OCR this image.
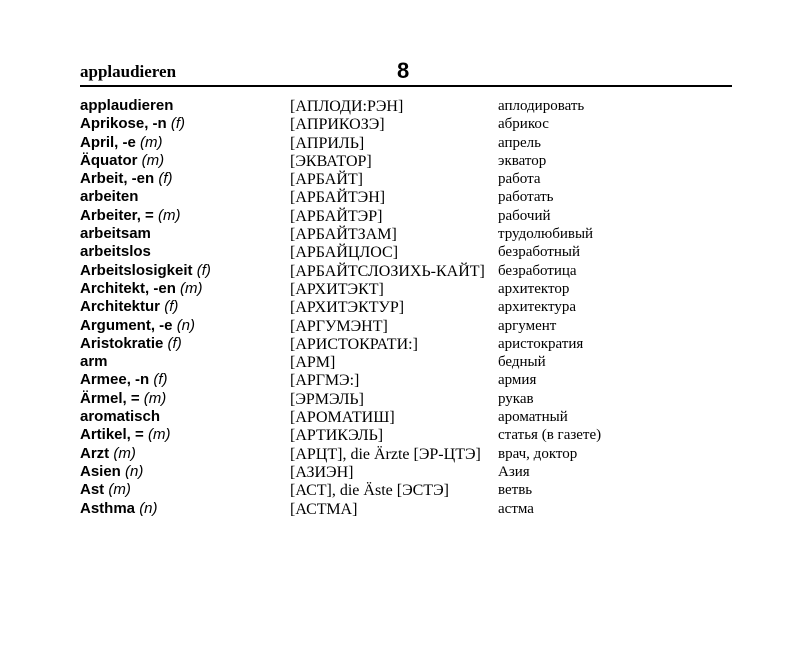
applaudieren	8
applaudieren	[АПЛОДИ:РЭН]	аплодировать
Aprikose, -n (f)	[АПРИКОЗЭ]	абрикос
April, -e (m)	[АПРИЛЬ]	апрель
Äquator (m)	[ЭКВАТОР]	экватор
Arbeit, -en (f)	[АРБАЙТ]	работа
arbeiten	[АРБАЙТЭН]	работать
Arbeiter, = (m)	[АРБАЙТЭР]	рабочий
arbeitsam	[АРБАЙТЗАМ]	трудолюбивый
arbeitslos	[АРБАЙЦЛОС]	безработный
Arbeitslosigkeit (f)	[АРБАЙТСЛОЗИХЬ-КАЙТ] безработица
Architekt, -en (m)	[АРХИТЭКТ]	архитектор
Architektur (f)	[АРХИТЭКТУР]	архитектура
Argument, -e (n)	[АРГУМЭНТ]	аргумент
Aristokratie (f)	[АРИСТОКРАТИ:]	аристократия
arm	[АРМ]	бедный
Armee, -n (f)	[АРГМЭ:]	армия
Ärmel, = (m)	[ЭРМЭЛЬ]	рукав
aromatisch	[АРОМАТИШ]	ароматный
Artikel, = (m)	[АРТИКЭЛЬ]	статья (в газете)
Arzt (m)	[АРЦТ], die Ärzte [ЭР-ЦТЭ]	врач, доктор
Asien (n)	[АЗИЭН]	Азия
Ast (m)	[АСТ], die Äste [ЭСТЭ]	ветвь
Asthma (n)	[АСТМА]	астма
